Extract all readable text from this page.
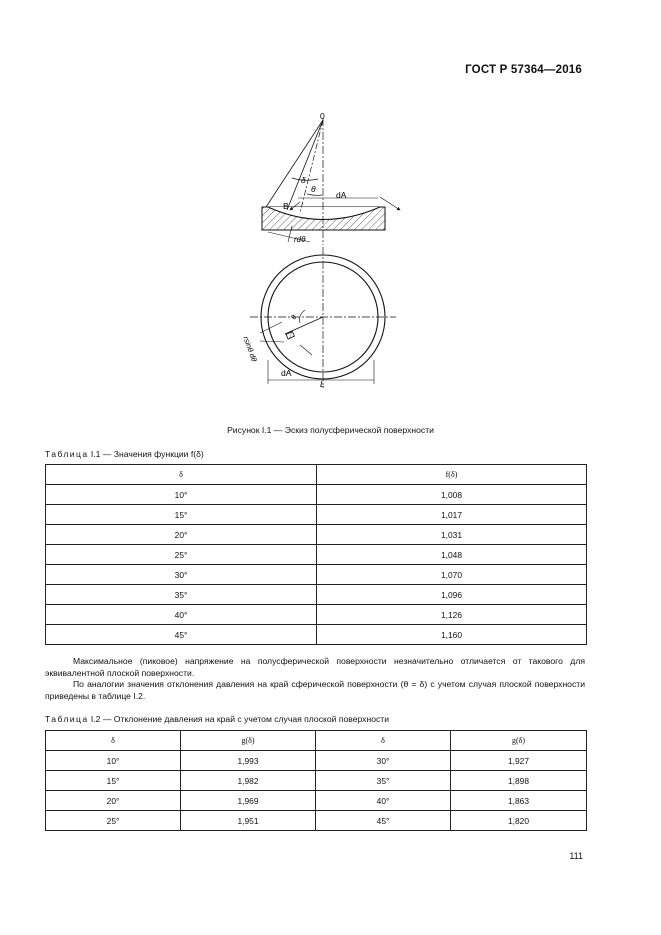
ГОСТ Р 57364—2016
0
δ
θ
dA
B
rdθ
θ
rsinθ dθ
dA
L
Рисунок I.1 — Эскиз полусферической поверхности
Таблица I.1 — Значения функции f(δ)
δ	f(δ)
10°	1,008
15°	1,017
20°	1,031
25°	1,048
30°	1,070
35°	1,096
40°	1,126
45°	1,160

Максимальное (пиковое) напряжение на полусферической поверхности незначительно отличается от такового для эквивалентной плоской поверхности.

По аналогии значения отклонения давления на край сферической поверхности (θ = δ) с учетом случая плоской поверхности приведены в таблице I.2.

Таблица I.2 — Отклонение давления на край с учетом случая плоской поверхности
δ	g(δ)	δ	g(δ)
10°	1,993	30°	1,927
15°	1,982	35°	1,898
20°	1,969	40°	1,863
25°	1,951	45°	1,820
111
